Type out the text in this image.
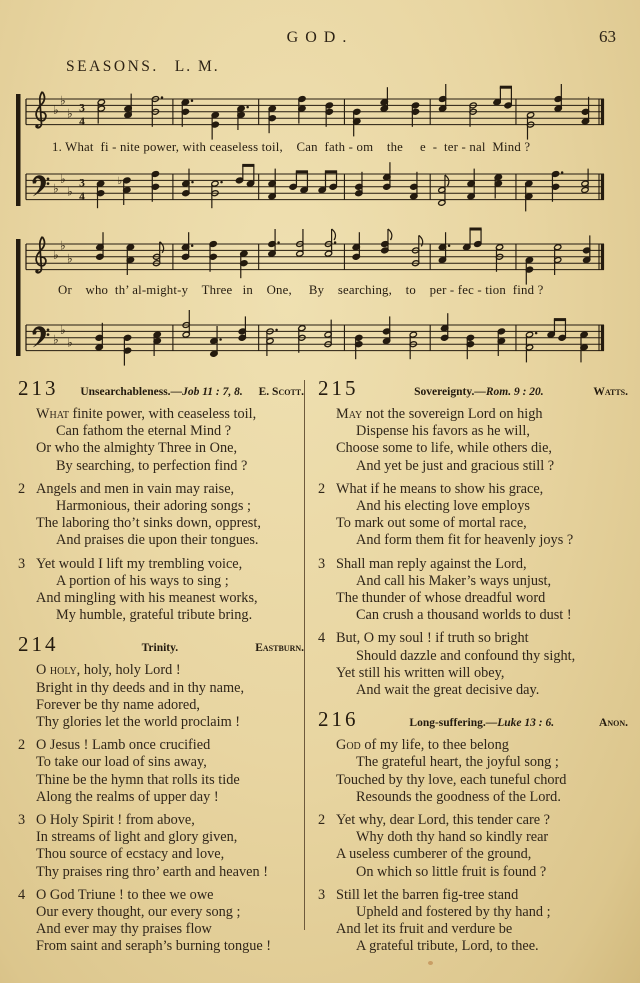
GOD.	63
SEASONS. L. M.
♭
♭
♭ 3
4
♭
♭
♭
3
4
♭
♭
♭
♭
♭
♭
♭
1. What  fi - nite power, with ceaseless toil,    Can  fath - om    the     e  -  ter - nal  Mind ?
Or    who  th’ al-might-y    Three   in    One,     By    searching,    to    per - fec - tion  find ?
213	Unsearchableness.—Job 11 : 7, 8.	E. Scott.
What finite power, with ceaseless toil,
Can fathom the eternal Mind ?
Or who the almighty Three in One,
By searching, to perfection find ?
2 Angels and men in vain may raise,
Harmonious, their adoring songs ;
The laboring tho’t sinks down, opprest,
And praises die upon their tongues.
3 Yet would I lift my trembling voice,
A portion of his ways to sing ;
And mingling with his meanest works,
My humble, grateful tribute bring.
214	Trinity.	Eastburn.
O holy, holy, holy Lord !
Bright in thy deeds and in thy name,
Forever be thy name adored,
Thy glories let the world proclaim !
2 O Jesus ! Lamb once crucified
To take our load of sins away,
Thine be the hymn that rolls its tide
Along the realms of upper day !
3 O Holy Spirit ! from above,
In streams of light and glory given,
Thou source of ecstacy and love,
Thy praises ring thro’ earth and heaven !
4 O God Triune ! to thee we owe
Our every thought, our every song ;
And ever may thy praises flow
From saint and seraph’s burning tongue !
215	Sovereignty.—Rom. 9 : 20.	Watts.
May not the sovereign Lord on high
Dispense his favors as he will,
Choose some to life, while others die,
And yet be just and gracious still ?
2 What if he means to show his grace,
And his electing love employs
To mark out some of mortal race,
And form them fit for heavenly joys ?
3 Shall man reply against the Lord,
And call his Maker’s ways unjust,
The thunder of whose dreadful word
Can crush a thousand worlds to dust !
4 But, O my soul ! if truth so bright
Should dazzle and confound thy sight,
Yet still his written will obey,
And wait the great decisive day.
216	Long-suffering.—Luke 13 : 6.	Anon.
God of my life, to thee belong
The grateful heart, the joyful song ;
Touched by thy love, each tuneful chord
Resounds the goodness of the Lord.
2 Yet why, dear Lord, this tender care ?
Why doth thy hand so kindly rear
A useless cumberer of the ground,
On which so little fruit is found ?
3 Still let the barren fig-tree stand
Upheld and fostered by thy hand ;
And let its fruit and verdure be
A grateful tribute, Lord, to thee.
